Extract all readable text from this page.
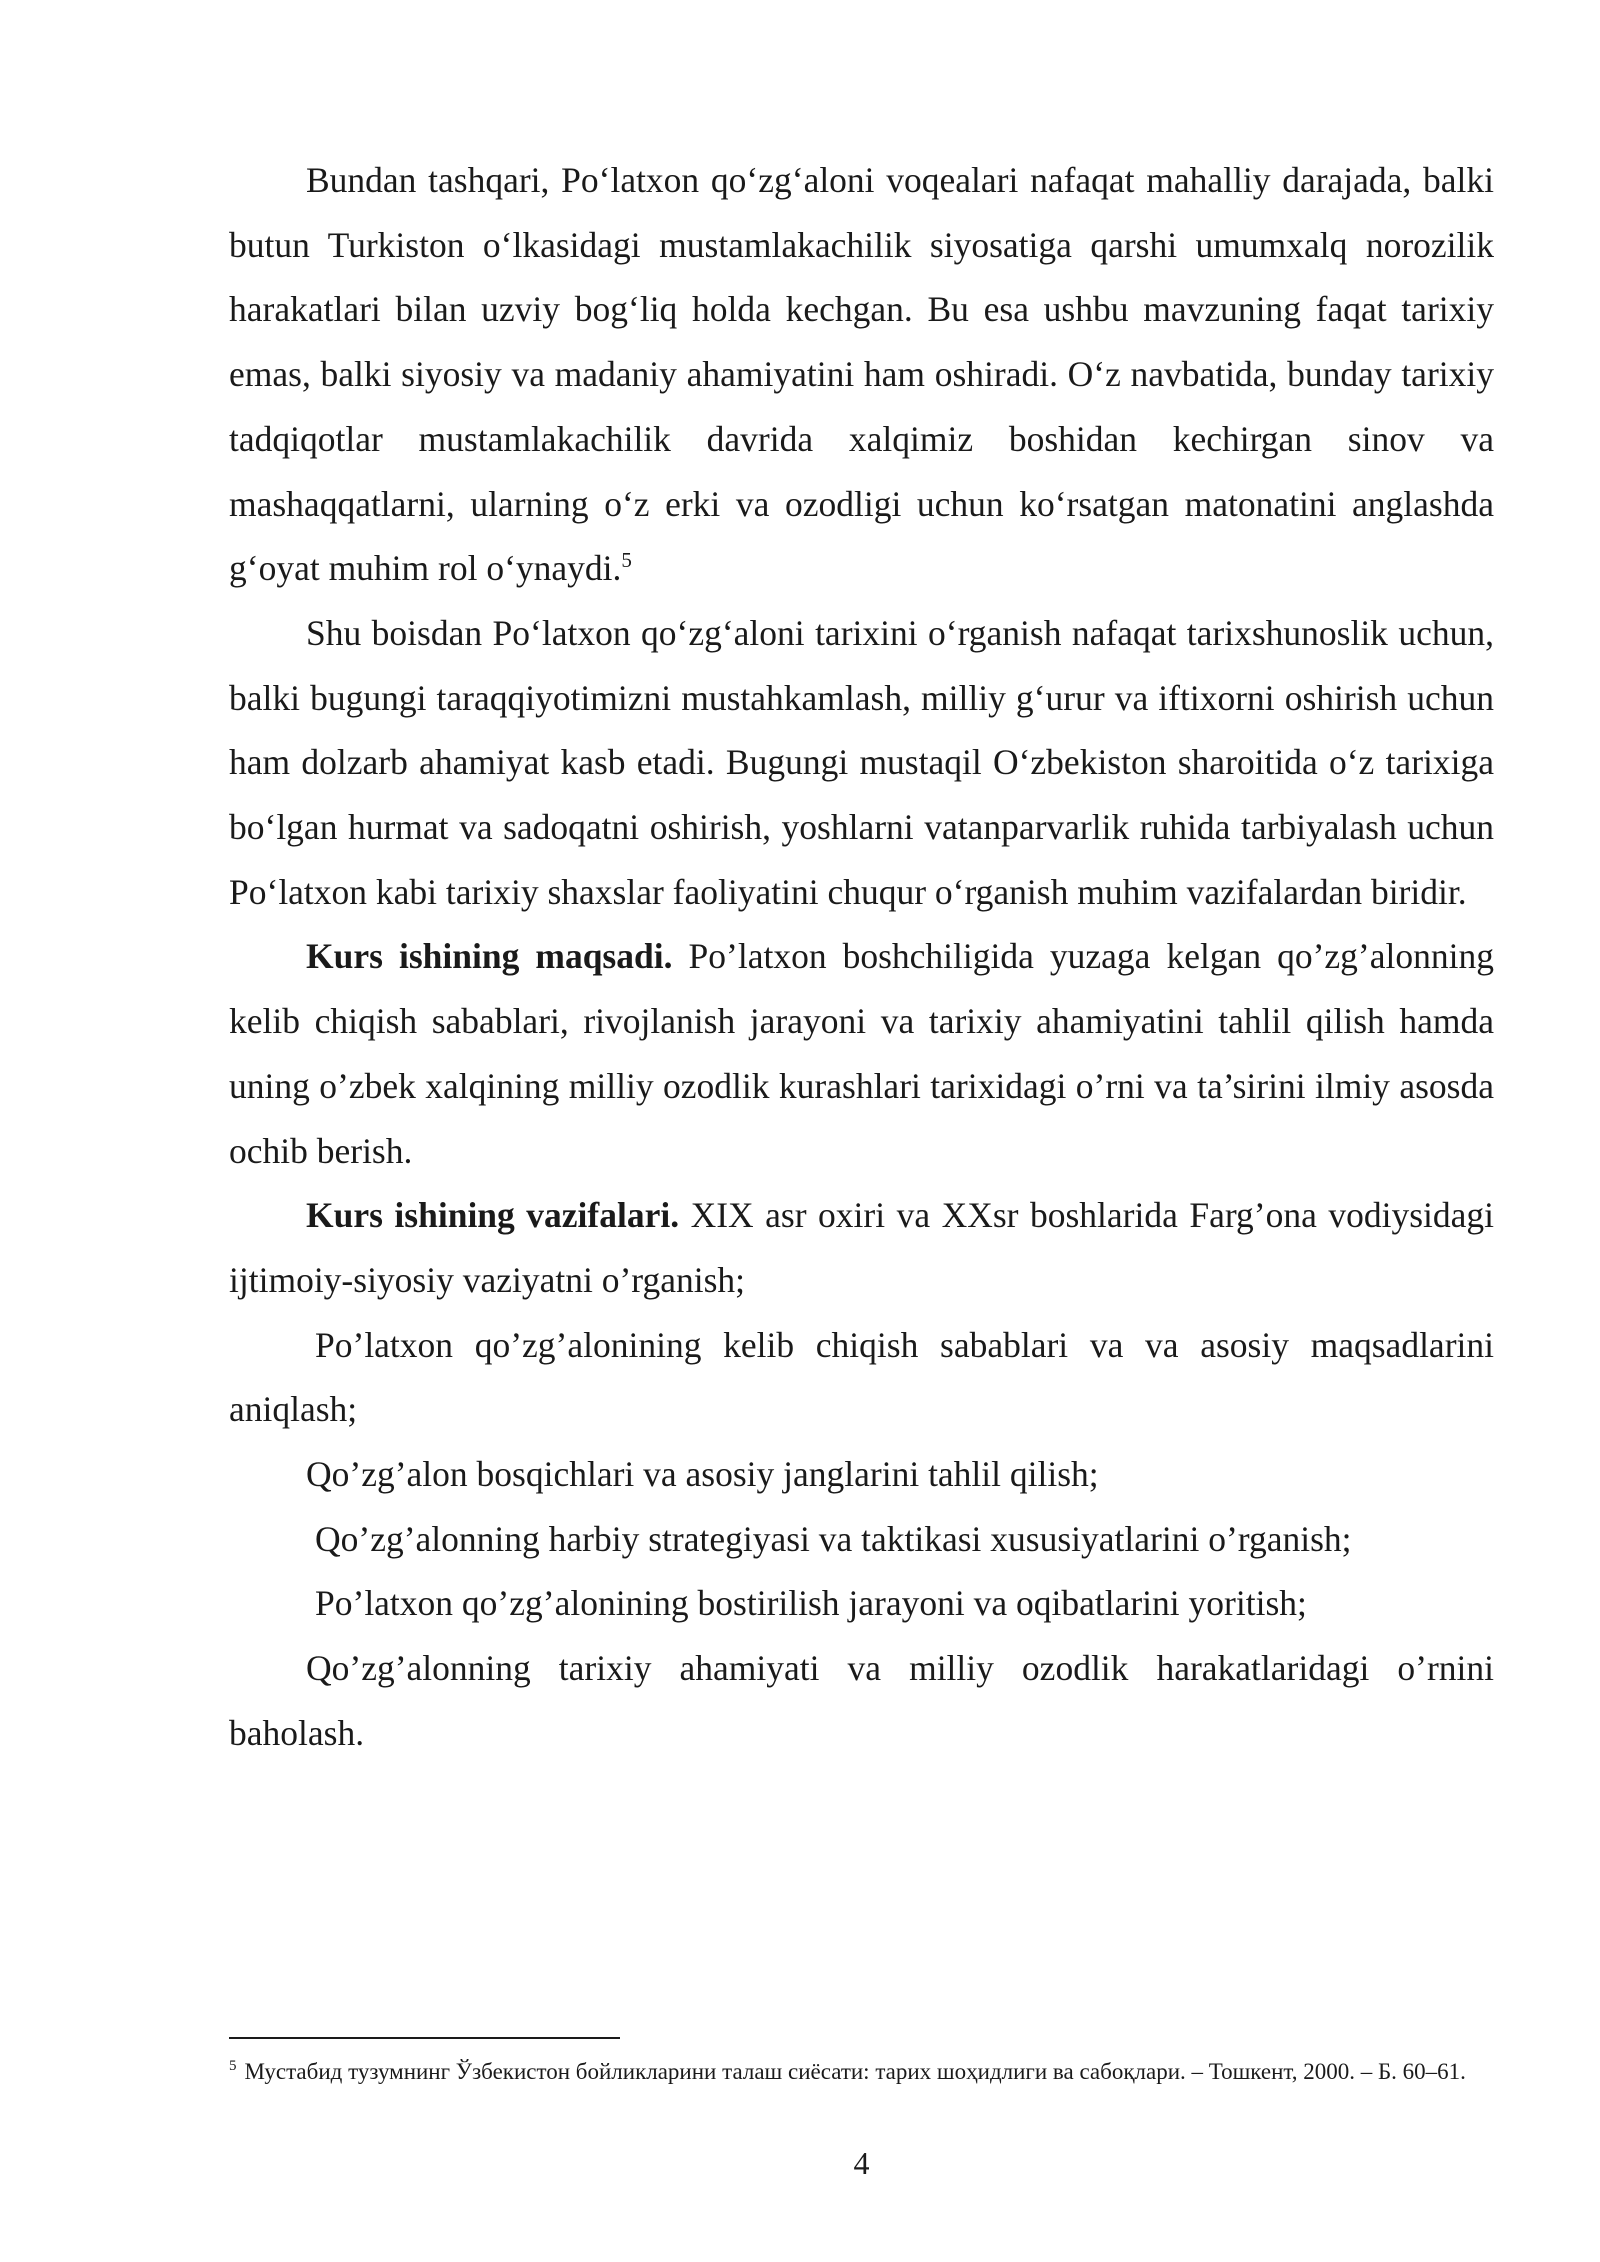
Bundan tashqari, Po‘latxon qo‘zg‘aloni voqealari nafaqat mahalliy darajada, balki butun Turkiston o‘lkasidagi mustamlakachilik siyosatiga qarshi umumxalq norozilik harakatlari bilan uzviy bog‘liq holda kechgan. Bu esa ushbu mavzuning faqat tarixiy emas, balki siyosiy va madaniy ahamiyatini ham oshiradi. O‘z navbatida, bunday tarixiy tadqiqotlar mustamlakachilik davrida xalqimiz boshidan kechirgan sinov va mashaqqatlarni, ularning o‘z erki va ozodligi uchun ko‘rsatgan matonatini anglashda g‘oyat muhim rol o‘ynaydi.$^5$

Shu boisdan Po‘latxon qo‘zg‘aloni tarixini o‘rganish nafaqat tarixshunoslik uchun, balki bugungi taraqqiyotimizni mustahkamlash, milliy g‘urur va iftixorni oshirish uchun ham dolzarb ahamiyat kasb etadi. Bugungi mustaqil O‘zbekiston sharoitida o‘z tarixiga bo‘lgan hurmat va sadoqatni oshirish, yoshlarni vatanparvarlik ruhida tarbiyalash uchun Po‘latxon kabi tarixiy shaxslar faoliyatini chuqur o‘rganish muhim vazifalardan biridir.

Kurs ishining maqsadi. Po’latxon boshchiligida yuzaga kelgan qo’zg’alonning kelib chiqish sabablari, rivojlanish jarayoni va tarixiy ahamiyatini tahlil qilish hamda uning o’zbek xalqining milliy ozodlik kurashlari tarixidagi o’rni va ta’sirini ilmiy asosda ochib berish.

Kurs ishining vazifalari. XIX asr oxiri va XXsr boshlarida Farg’ona vodiysidagi ijtimoiy-siyosiy vaziyatni o’rganish;

Po’latxon qo’zg’alonining kelib chiqish sabablari va va asosiy maqsadlarini aniqlash;

Qo’zg’alon bosqichlari va asosiy janglarini tahlil qilish;

Qo’zg’alonning harbiy strategiyasi va taktikasi xususiyatlarini o’rganish;

Po’latxon qo’zg’alonining bostirilish jarayoni va oqibatlarini yoritish;

Qo’zg’alonning tarixiy ahamiyati va milliy ozodlik harakatlaridagi o’rnini baholash.

$^5$ Мустабид тузумнинг Ўзбекистон бойликларини талаш сиёсати: тарих шоҳидлиги ва сабоқлари. – Тошкент, 2000. – Б. 60–61.
4
